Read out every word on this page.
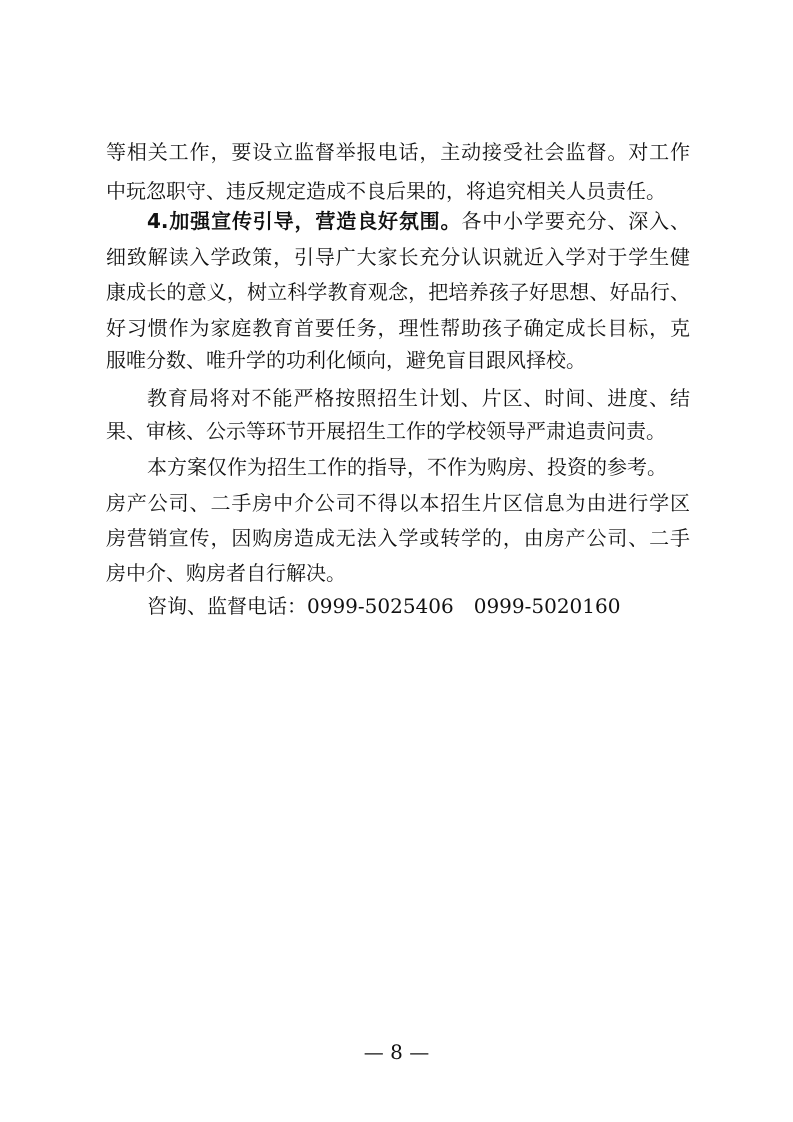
等相关工作，要设立监督举报电话，主动接受社会监督。对工作
中玩忽职守、违反规定造成不良后果的，将追究相关人员责任。
4.加强宣传引导，营造良好氛围。各中小学要充分、深入、
细致解读入学政策，引导广大家长充分认识就近入学对于学生健
康成长的意义，树立科学教育观念，把培养孩子好思想、好品行、
好习惯作为家庭教育首要任务，理性帮助孩子确定成长目标，克
服唯分数、唯升学的功利化倾向，避免盲目跟风择校。
教育局将对不能严格按照招生计划、片区、时间、进度、结
果、审核、公示等环节开展招生工作的学校领导严肃追责问责。
本方案仅作为招生工作的指导，不作为购房、投资的参考。
房产公司、二手房中介公司不得以本招生片区信息为由进行学区
房营销宣传，因购房造成无法入学或转学的，由房产公司、二手
房中介、购房者自行解决。
咨询、监督电话：0999-5025406　0999-5020160
— 8 —
